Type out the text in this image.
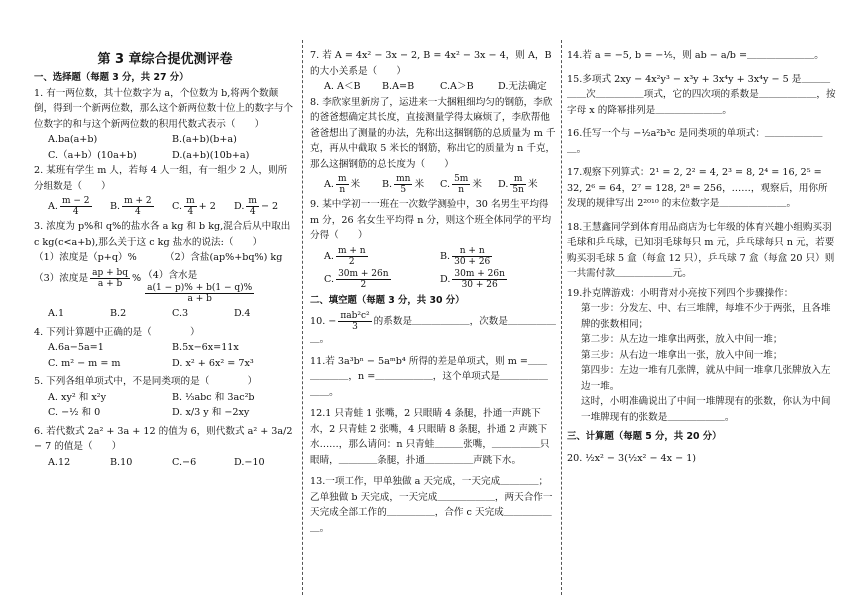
第 3 章综合提优测评卷

一、选择题（每题 3 分，共 27 分）

1. 有一两位数，其十位数字为 a，个位数为 b,将两个数颠倒，得到一个新两位数，那么这个新两位数十位上的数字与个位数字的和与这个新两位数的积用代数式表示（　　）

A.ba(a+b)	B.(a+b)(b+a)
C.（a+b）(10a+b)	D.(a+b)(10b+a)

2. 某班有学生 m 人，若每 4 人一组，有一组少 2 人，则所分组数是（　　）

A. $\frac{m - 2}{4} B$. $\frac{m + 2}{4} C$. $\frac{m}{4} + 2$	D. $\frac{m}{4} - 2$

3. 浓度为 p%和 q%的盐水各 a kg 和 b kg,混合后从中取出 c kg(c<a+b),那么关于这 c kg 盐水的说法:（　　）

（1）浓度是（p+q）%	（2）含盐(ap%+bq%) kg
（3）浓度是 $\frac{ap + bq}{a + b}$ % （4）含水是
$\frac{a(1 - p)\% + b(1 - q)\%}{a + b}$
A.1	B.2	C.3	D.4

4. 下列计算题中正确的是（　　　　）

A.6a−5a=1	B.5x−6x=11x
C. m² − m = m	D. x² + 6x² = 7x³

5. 下列各组单项式中，不是同类项的是（　　　　）

A. xy² 和 x²y	B. ⅓abc 和 3ac²b
C. −½ 和 0	D. x/3 y 和 −2xy

6. 若代数式 2a² + 3a + 12 的值为 6，则代数式 a² + 3a/2 − 7 的值是（　　）

A.12	B.10	C.−6	D.−10

7. 若 A = 4x² − 3x − 2, B = 4x² − 3x − 4，则 A，B 的大小关系是（　　）

A. A＜B	B.A=B	C.A＞B	D.无法确定

8. 李欣家里新房了，运进来一大捆粗细均匀的钢筋，李欣的爸爸想确定其长度，直接测量学得太麻烦了，李欣帮他爸爸想出了测量的办法，先称出这捆钢筋的总质量为 m 千克，再从中截取 5 米长的钢筋，称出它的质量为 n 千克，那么这捆钢筋的总长度为（　　）

A. $\frac{m}{n}$ 米	B. $\frac{mn}{5}$ 米	C. $\frac{5m}{n}$ 米	D. $\frac{m}{5n}$ 米

9. 某中学初一一班在一次数学测验中，30 名男生平均得 m 分，26 名女生平均得 n 分，则这个班全体同学的平均分得（　　）

A. $\frac{m + n}{2}$	B. $\frac{n + n}{30 + 26}$
C. $\frac{30m + 26n}{2}$	D. $\frac{30m + 26n}{30 + 26}$

二、填空题（每题 3 分，共 30 分）

10. − $\frac{\text{πab²c²}}{3}$ 的系数是＿＿＿＿＿＿，次数是＿＿＿＿＿＿。

11.若 3a³bⁿ − 5aᵐb⁴ 所得的差是单项式，则 m =＿＿＿＿＿＿，n =＿＿＿＿＿＿，这个单项式是＿＿＿＿＿＿＿。

12.1 只青蛙 1 张嘴，2 只眼睛 4 条腿，扑通一声跳下水，2 只青蛙 2 张嘴，4 只眼睛 8 条腿，扑通 2 声跳下水……，那么请问：n 只青蛙＿＿＿张嘴，＿＿＿＿＿只眼睛，＿＿＿＿条腿，扑通＿＿＿＿＿声跳下水。

13.一项工作，甲单独做 a 天完成，一天完成＿＿＿＿；乙单独做 b 天完成，一天完成＿＿＿＿＿＿，两天合作一天完成全部工作的＿＿＿＿＿，合作 c 天完成＿＿＿＿＿＿。

14.若 a = −5, b = −⅕，则 ab − a/b =＿＿＿＿＿＿＿。

15.多项式 2xy − 4x²y³ − x³y + 3x⁴y + 3x⁴y − 5 是＿＿＿＿＿次＿＿＿＿＿项式，它的四次项的系数是＿＿＿＿＿＿，按字母 x 的降幂排列是＿＿＿＿＿＿＿。

16.任写一个与 −½a²b³c 是同类项的单项式：＿＿＿＿＿＿＿。

17.观察下列算式：2¹ = 2, 2² = 4, 2³ = 8, 2⁴ = 16, 2⁵ = 32, 2⁶ = 64，2⁷ = 128, 2⁸ = 256，……，观察后，用你所发现的规律写出 2²⁰¹⁰ 的末位数字是＿＿＿＿＿＿＿。

18.王慧鑫同学到体育用品商店为七年级的体育兴趣小组购买羽毛球和乒乓球，已知羽毛球每只 m 元，乒乓球每只 n 元，若要购买羽毛球 5 盒（每盒 12 只），乒乓球 7 盒（每盒 20 只）则一共需付款＿＿＿＿＿＿元。

19.扑克牌游戏：小明背对小亮按下列四个步骤操作：

第一步：分发左、中、右三堆牌，每堆不少于两张，且各堆牌的张数相同；

第二步：从左边一堆拿出两张，放入中间一堆；

第三步：从右边一堆拿出一张，放入中间一堆；

第四步：左边一堆有几张牌，就从中间一堆拿几张牌放入左边一堆。

这时，小明准确说出了中间一堆牌现有的张数，你认为中间一堆牌现有的张数是＿＿＿＿＿＿。

三、计算题（每题 5 分，共 20 分）

20. ½x² − 3(½x² − 4x − 1)
